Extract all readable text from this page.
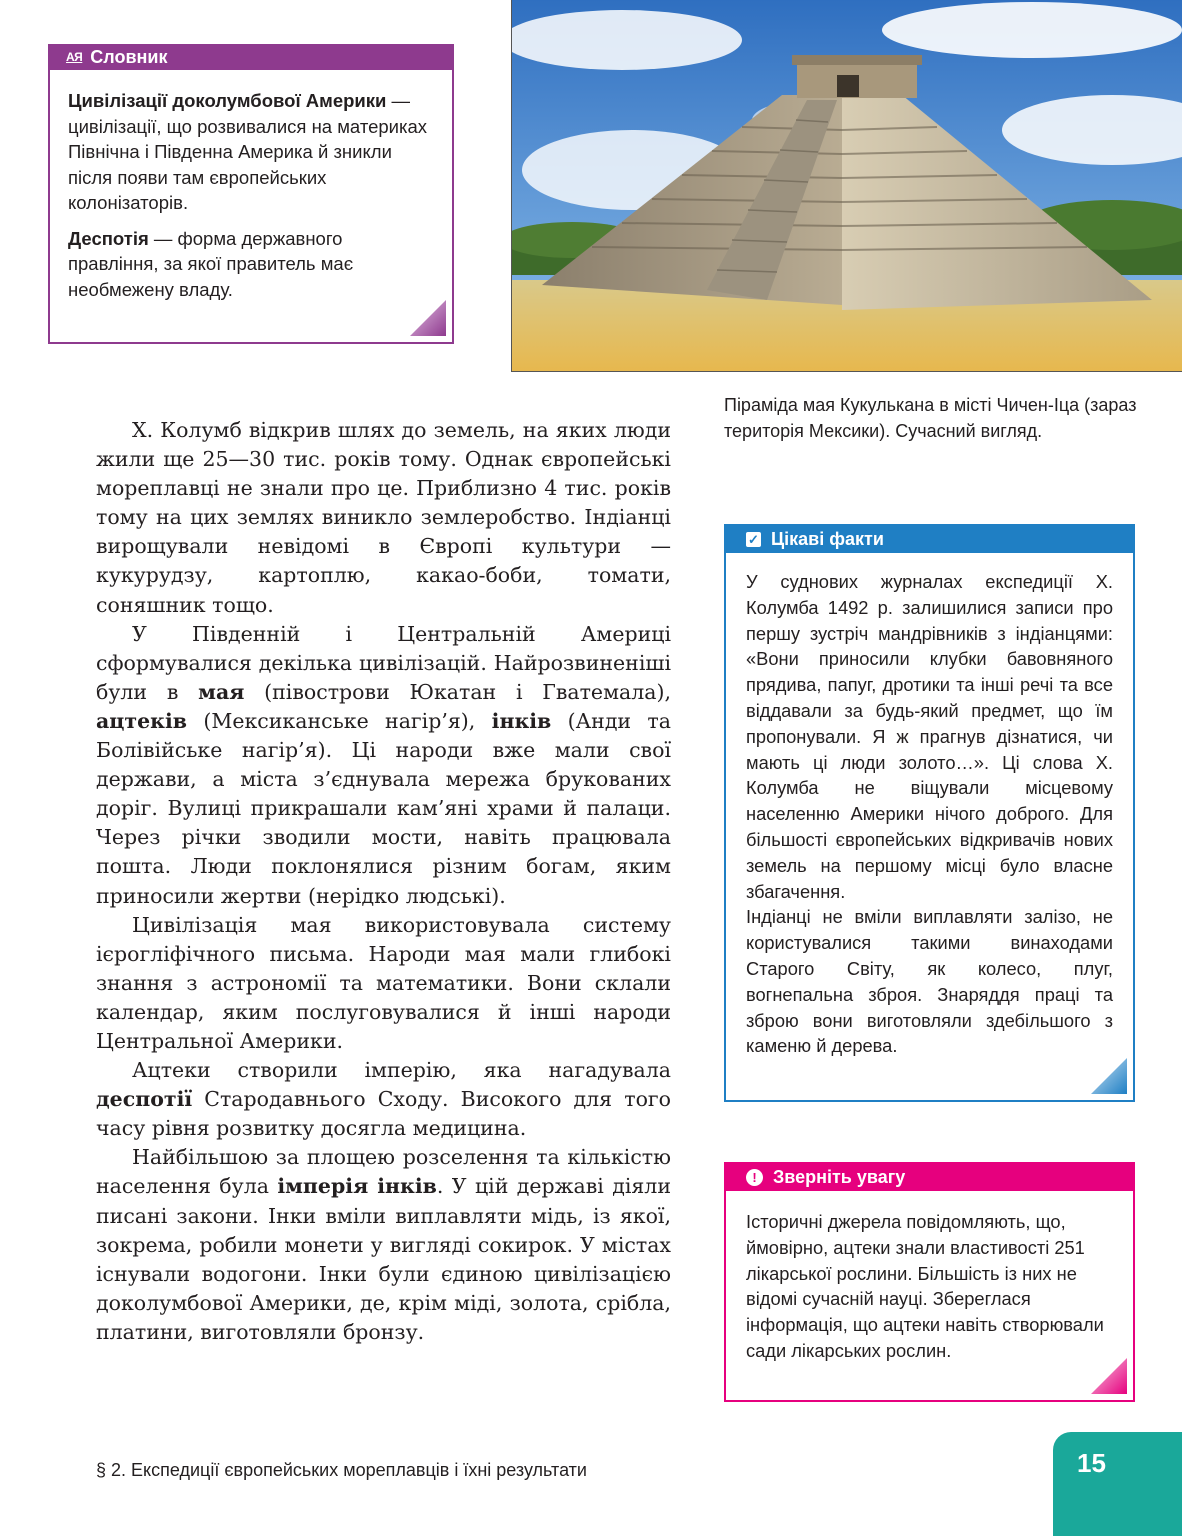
АЯ Словник

Цивілізації доколумбової Америки — цивілізації, що розвивалися на материках Північна і Південна Америка й зникли після появи там європейських колонізаторів.

Деспотія — форма державного правління, за якої правитель має необмежену владу.

Піраміда мая Кукулькана в місті Чичен-Іца (зараз територія Мексики). Сучасний вигляд.

Х. Колумб відкрив шлях до земель, на яких люди жили ще 25—30 тис. років тому. Однак європейські мореплавці не знали про це. Приблизно 4 тис. років тому на цих землях виникло землеробство. Індіанці вирощували невідомі в Європі культури — кукурудзу, картоплю, какао-боби, томати, соняшник тощо.

У Південній і Центральній Америці сформувалися декілька цивілізацій. Найрозвиненіші були в мая (півострови Юкатан і Гватемала), ацтеків (Мексиканське нагір’я), інків (Анди та Болівійське нагір’я). Ці народи вже мали свої держави, а міста з’єднувала мережа брукованих доріг. Вулиці прикрашали кам’яні храми й палаци. Через річки зводили мости, навіть працювала пошта. Люди поклонялися різним богам, яким приносили жертви (нерідко людські).

Цивілізація мая використовувала систему ієрогліфічного письма. Народи мая мали глибокі знання з астрономії та математики. Вони склали календар, яким послуговувалися й інші народи Центральної Америки.

Ацтеки створили імперію, яка нагадувала деспотії Стародавнього Сходу. Високого для того часу рівня розвитку досягла медицина.

Найбільшою за площею розселення та кількістю населення була імперія інків. У цій державі діяли писані закони. Інки вміли виплавляти мідь, із якої, зокрема, робили монети у вигляді сокирок. У містах існували водогони. Інки були єдиною цивілізацією доколумбової Америки, де, крім міді, золота, срібла, платини, виготовляли бронзу.

✓ Цікаві факти

У суднових журналах експедиції Х. Колумба 1492 р. залишилися записи про першу зустріч мандрівників з індіанцями: «Вони приносили клубки бавовняного прядива, папуг, дротики та інші речі та все віддавали за будь-який предмет, що їм пропонували. Я ж прагнув дізнатися, чи мають ці люди золото…». Ці слова Х. Колумба не віщували місцевому населенню Америки нічого доброго. Для більшості європейських відкривачів нових земель на першому місці було власне збагачення.

Індіанці не вміли виплавляти залізо, не користувалися такими винаходами Старого Світу, як колесо, плуг, вогнепальна зброя. Знаряддя праці та зброю вони виготовляли здебільшого з каменю й дерева.

! Зверніть увагу
Історичні джерела повідомляють, що, ймовірно, ацтеки знали властивості 251 лікарської рослини. Більшість із них не відомі сучасній науці. Збереглася інформація, що ацтеки навіть створювали сади лікарських рослин.
§ 2. Експедиції європейських мореплавців і їхні результати	15
